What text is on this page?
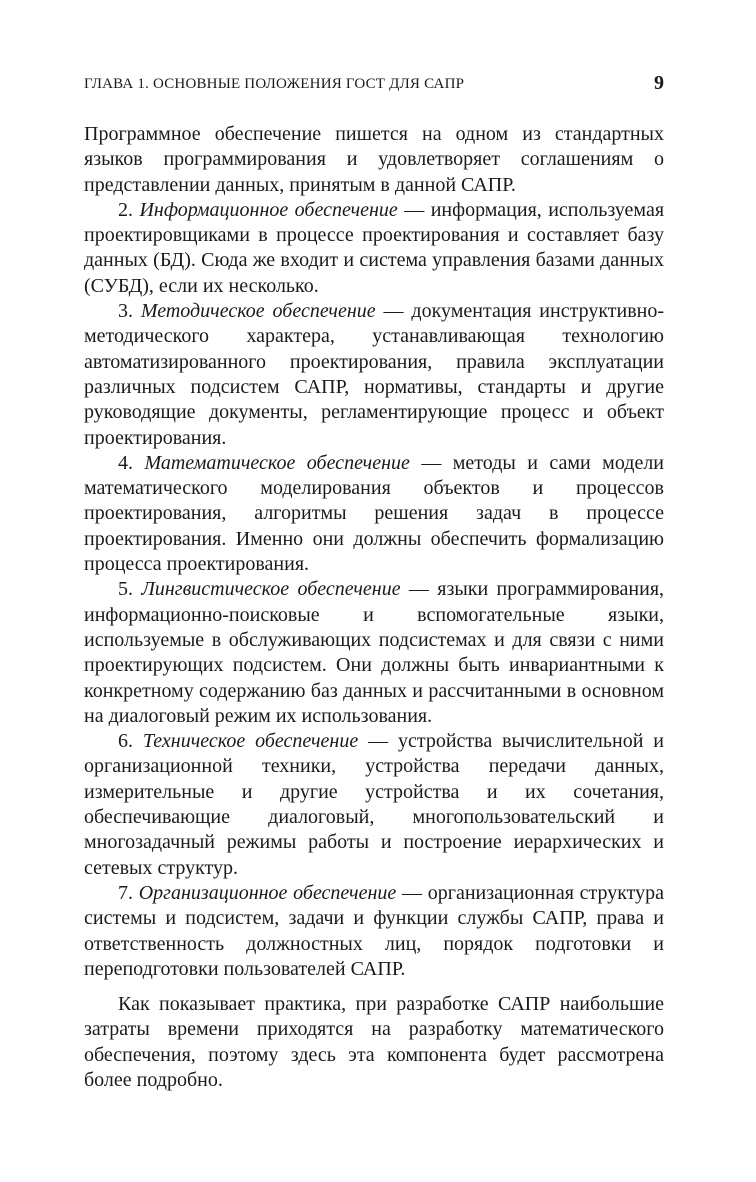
ГЛАВА 1. ОСНОВНЫЕ ПОЛОЖЕНИЯ ГОСТ ДЛЯ САПР	9

Программное обеспечение пишется на одном из стандартных языков программирования и удовлетворяет соглашениям о представлении данных, принятым в данной САПР.

2. Информационное обеспечение — информация, используемая проектировщиками в процессе проектирования и составляет базу данных (БД). Сюда же входит и система управления базами данных (СУБД), если их несколько.

3. Методическое обеспечение — документация инструктивно-методического характера, устанавливающая технологию автоматизированного проектирования, правила эксплуатации различных подсистем САПР, нормативы, стандарты и другие руководящие документы, регламентирующие процесс и объект проектирования.

4. Математическое обеспечение — методы и сами модели математического моделирования объектов и процессов проектирования, алгоритмы решения задач в процессе проектирования. Именно они должны обеспечить формализацию процесса проектирования.

5. Лингвистическое обеспечение — языки программирования, информационно-поисковые и вспомогательные языки, используемые в обслуживающих подсистемах и для связи с ними проектирующих подсистем. Они должны быть инвариантными к конкретному содержанию баз данных и рассчитанными в основном на диалоговый режим их использования.

6. Техническое обеспечение — устройства вычислительной и организационной техники, устройства передачи данных, измерительные и другие устройства и их сочетания, обеспечивающие диалоговый, многопользовательский и многозадачный режимы работы и построение иерархических и сетевых структур.

7. Организационное обеспечение — организационная структура системы и подсистем, задачи и функции службы САПР, права и ответственность должностных лиц, порядок подготовки и переподготовки пользователей САПР.

Как показывает практика, при разработке САПР наибольшие затраты времени приходятся на разработку математического обеспечения, поэтому здесь эта компонента будет рассмотрена более подробно.
